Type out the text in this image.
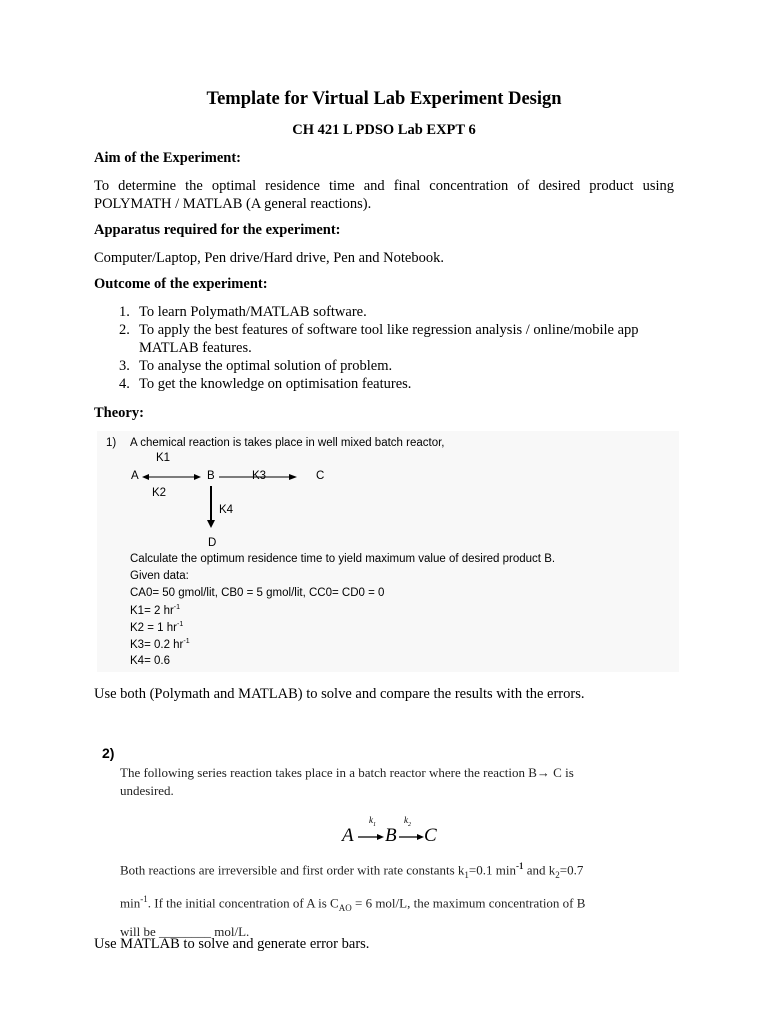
Template for Virtual Lab Experiment Design
CH 421 L PDSO Lab EXPT 6
Aim of the Experiment:
To determine the optimal residence time and final concentration of desired product using POLYMATH / MATLAB (A general reactions).
Apparatus required for the experiment:
Computer/Laptop, Pen drive/Hard drive, Pen and Notebook.
Outcome of the experiment:
1. To learn Polymath/MATLAB software.
2. To apply the best features of software tool like regression analysis / online/mobile app MATLAB features.
3. To analyse the optimal solution of problem.
4. To get the knowledge on optimisation features.
Theory:
1) A chemical reaction is takes place in well mixed batch reactor,
K1
A	B	K3	C
K2
K4
D
Calculate the optimum residence time to yield maximum value of desired product B.
Given data:
CA0= 50 gmol/lit, CB0 = 5 gmol/lit, CC0= CD0 = 0
K1= 2 $hr^{-1}$
K2 = 1 $hr^{-1}$
K3= 0.2 $hr^{-1}$
K4= 0.6
Use both (Polymath and MATLAB) to solve and compare the results with the errors.
2)
The following series reaction takes place in a batch reactor where the reaction B→ C is
undesired.
A
$k_1$
B
$k_2$
C
Both reactions are irreversible and first order with rate constants $k_1=0.1$ $\min^{-1}$ and $k_2=0.7$
$\min^{-1}$. If the initial concentration of A is $C_{AO} = 6$ mol/L, the maximum concentration of B
will be ________ mol/L.
Use MATLAB to solve and generate error bars.
